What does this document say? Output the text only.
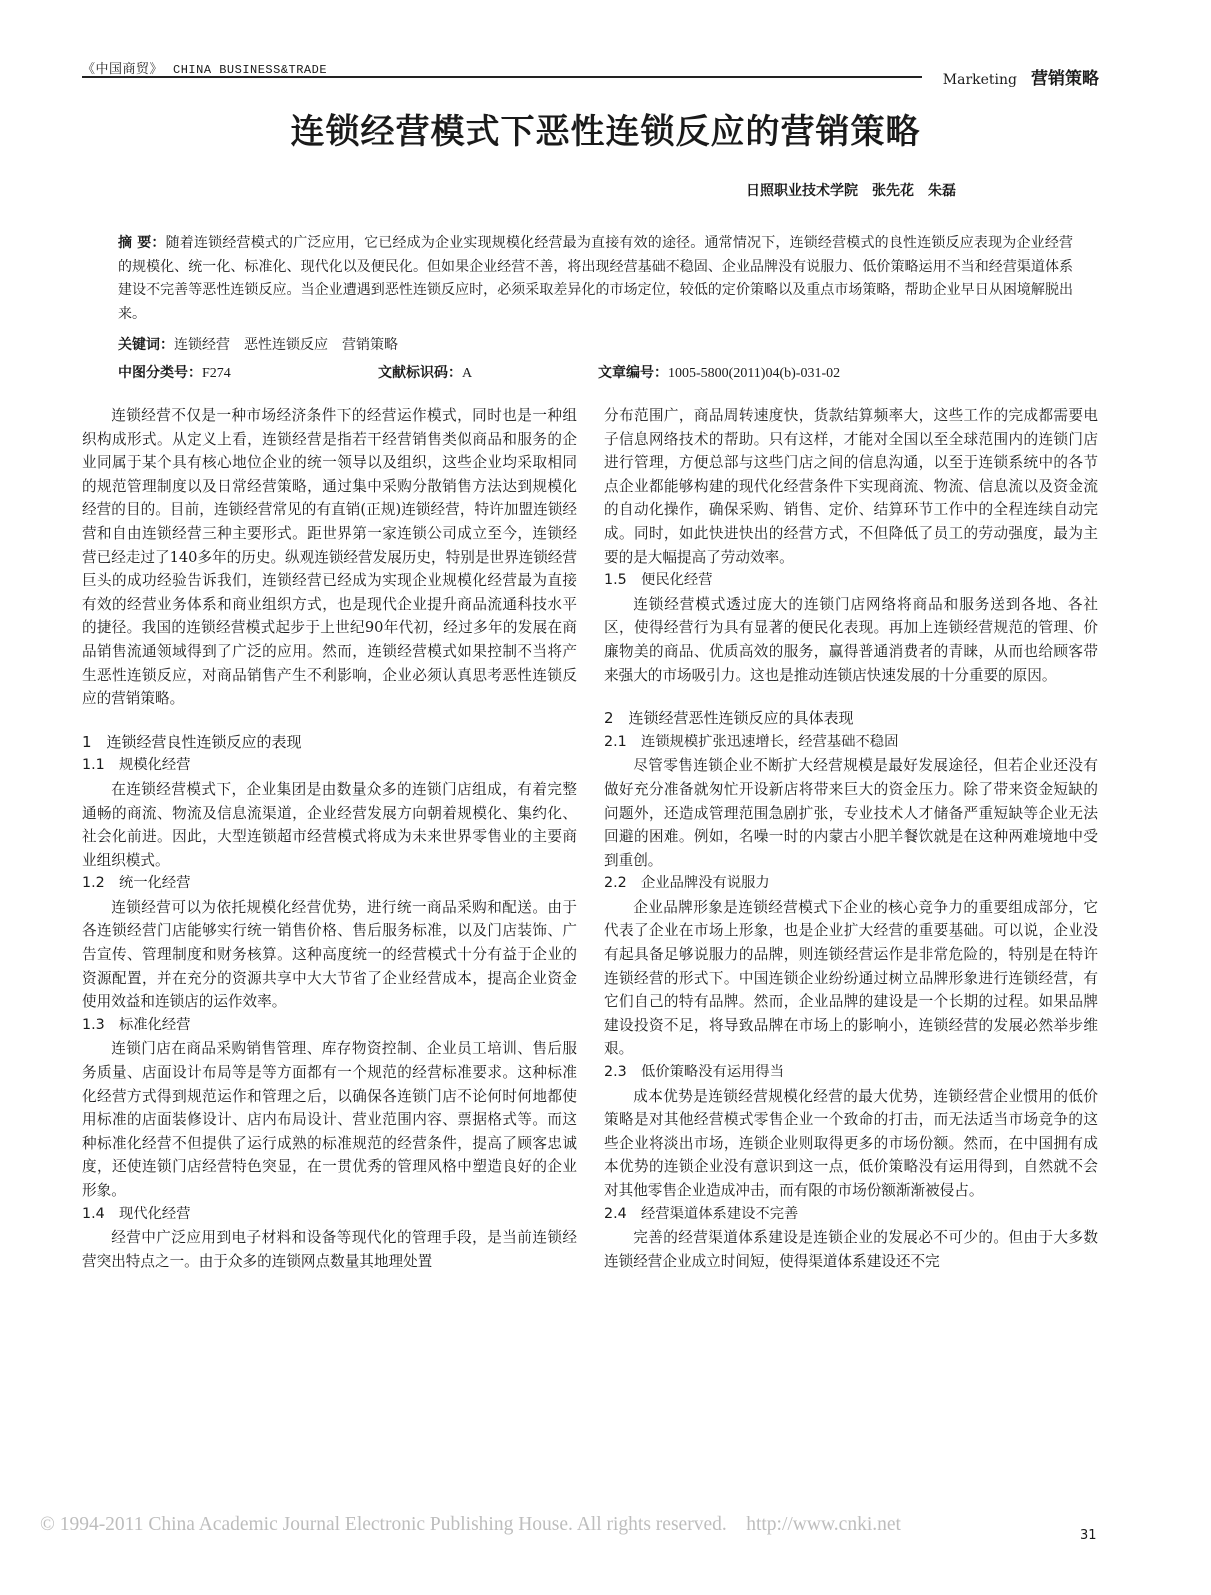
《中国商贸》 CHINA BUSINESS&TRADE
Marketing 营销策略
连锁经营模式下恶性连锁反应的营销策略
日照职业技术学院　张先花　朱磊
摘 要：随着连锁经营模式的广泛应用，它已经成为企业实现规模化经营最为直接有效的途径。通常情况下，连锁经营模式的良性连锁反应表现为企业经营的规模化、统一化、标准化、现代化以及便民化。但如果企业经营不善，将出现经营基础不稳固、企业品牌没有说服力、低价策略运用不当和经营渠道体系建设不完善等恶性连锁反应。当企业遭遇到恶性连锁反应时，必须采取差异化的市场定位，较低的定价策略以及重点市场策略，帮助企业早日从困境解脱出来。
关键词：连锁经营　恶性连锁反应　营销策略
中图分类号：F274	文献标识码：A	文章编号：1005-5800(2011)04(b)-031-02

连锁经营不仅是一种市场经济条件下的经营运作模式，同时也是一种组织构成形式。从定义上看，连锁经营是指若干经营销售类似商品和服务的企业同属于某个具有核心地位企业的统一领导以及组织，这些企业均采取相同的规范管理制度以及日常经营策略，通过集中采购分散销售方法达到规模化经营的目的。目前，连锁经营常见的有直销(正规)连锁经营，特许加盟连锁经营和自由连锁经营三种主要形式。距世界第一家连锁公司成立至今，连锁经营已经走过了140多年的历史。纵观连锁经营发展历史，特别是世界连锁经营巨头的成功经验告诉我们，连锁经营已经成为实现企业规模化经营最为直接有效的经营业务体系和商业组织方式，也是现代企业提升商品流通科技水平的捷径。我国的连锁经营模式起步于上世纪90年代初，经过多年的发展在商品销售流通领域得到了广泛的应用。然而，连锁经营模式如果控制不当将产生恶性连锁反应，对商品销售产生不利影响，企业必须认真思考恶性连锁反应的营销策略。

1　连锁经营良性连锁反应的表现
1.1　规模化经营

在连锁经营模式下，企业集团是由数量众多的连锁门店组成，有着完整通畅的商流、物流及信息流渠道，企业经营发展方向朝着规模化、集约化、社会化前进。因此，大型连锁超市经营模式将成为未来世界零售业的主要商业组织模式。

1.2　统一化经营

连锁经营可以为依托规模化经营优势，进行统一商品采购和配送。由于各连锁经营门店能够实行统一销售价格、售后服务标准，以及门店装饰、广告宣传、管理制度和财务核算。这种高度统一的经营模式十分有益于企业的资源配置，并在充分的资源共享中大大节省了企业经营成本，提高企业资金使用效益和连锁店的运作效率。

1.3　标准化经营

连锁门店在商品采购销售管理、库存物资控制、企业员工培训、售后服务质量、店面设计布局等是等方面都有一个规范的经营标准要求。这种标准化经营方式得到规范运作和管理之后，以确保各连锁门店不论何时何地都使用标准的店面装修设计、店内布局设计、营业范围内容、票据格式等。而这种标准化经营不但提供了运行成熟的标准规范的经营条件，提高了顾客忠诚度，还使连锁门店经营特色突显，在一贯优秀的管理风格中塑造良好的企业形象。

1.4　现代化经营

经营中广泛应用到电子材料和设备等现代化的管理手段，是当前连锁经营突出特点之一。由于众多的连锁网点数量其地理处置

分布范围广，商品周转速度快，货款结算频率大，这些工作的完成都需要电子信息网络技术的帮助。只有这样，才能对全国以至全球范围内的连锁门店进行管理，方便总部与这些门店之间的信息沟通，以至于连锁系统中的各节点企业都能够构建的现代化经营条件下实现商流、物流、信息流以及资金流的自动化操作，确保采购、销售、定价、结算环节工作中的全程连续自动完成。同时，如此快进快出的经营方式，不但降低了员工的劳动强度，最为主要的是大幅提高了劳动效率。

1.5　便民化经营

连锁经营模式透过庞大的连锁门店网络将商品和服务送到各地、各社区，使得经营行为具有显著的便民化表现。再加上连锁经营规范的管理、价廉物美的商品、优质高效的服务，赢得普通消费者的青睐，从而也给顾客带来强大的市场吸引力。这也是推动连锁店快速发展的十分重要的原因。

2　连锁经营恶性连锁反应的具体表现
2.1　连锁规模扩张迅速增长，经营基础不稳固

尽管零售连锁企业不断扩大经营规模是最好发展途径，但若企业还没有做好充分准备就匆忙开设新店将带来巨大的资金压力。除了带来资金短缺的问题外，还造成管理范围急剧扩张，专业技术人才储备严重短缺等企业无法回避的困难。例如，名噪一时的内蒙古小肥羊餐饮就是在这种两难境地中受到重创。

2.2　企业品牌没有说服力

企业品牌形象是连锁经营模式下企业的核心竞争力的重要组成部分，它代表了企业在市场上形象，也是企业扩大经营的重要基础。可以说，企业没有起具备足够说服力的品牌，则连锁经营运作是非常危险的，特别是在特许连锁经营的形式下。中国连锁企业纷纷通过树立品牌形象进行连锁经营，有它们自己的特有品牌。然而，企业品牌的建设是一个长期的过程。如果品牌建设投资不足，将导致品牌在市场上的影响小，连锁经营的发展必然举步维艰。

2.3　低价策略没有运用得当

成本优势是连锁经营规模化经营的最大优势，连锁经营企业惯用的低价策略是对其他经营模式零售企业一个致命的打击，而无法适当市场竞争的这些企业将淡出市场，连锁企业则取得更多的市场份额。然而，在中国拥有成本优势的连锁企业没有意识到这一点，低价策略没有运用得到，自然就不会对其他零售企业造成冲击，而有限的市场份额渐渐被侵占。

2.4　经营渠道体系建设不完善

完善的经营渠道体系建设是连锁企业的发展必不可少的。但由于大多数连锁经营企业成立时间短，使得渠道体系建设还不完

© 1994-2011 China Academic Journal Electronic Publishing House. All rights reserved.    http://www.cnki.net
31
